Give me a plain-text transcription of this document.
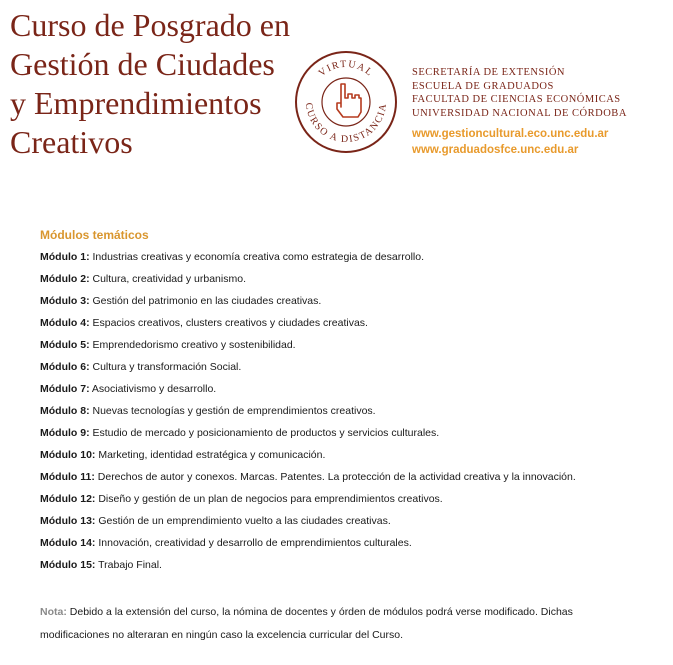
Curso de Posgrado en
Gestión de Ciudades
y Emprendimientos
Creativos
VIRTUAL
CURSO A DISTANCIA
SECRETARÍA DE EXTENSIÓN
ESCUELA DE GRADUADOS
FACULTAD DE CIENCIAS ECONÓMICAS
UNIVERSIDAD NACIONAL DE CÓRDOBA
www.gestioncultural.eco.unc.edu.ar
www.graduadosfce.unc.edu.ar
Módulos temáticos
Módulo 1: Industrias creativas y economía creativa como estrategia de desarrollo.
Módulo 2: Cultura, creatividad y urbanismo.
Módulo 3: Gestión del patrimonio en las ciudades creativas.
Módulo 4: Espacios creativos, clusters creativos y ciudades creativas.
Módulo 5: Emprendedorismo creativo y sostenibilidad.
Módulo 6: Cultura y transformación Social.
Módulo 7: Asociativismo y desarrollo.
Módulo 8: Nuevas tecnologías y gestión de emprendimientos creativos.
Módulo 9: Estudio de mercado y posicionamiento de productos y servicios culturales.
Módulo 10: Marketing, identidad estratégica y comunicación.
Módulo 11: Derechos de autor y conexos. Marcas. Patentes. La protección de la actividad creativa y la innovación.
Módulo 12: Diseño y gestión de un plan de negocios para emprendimientos creativos.
Módulo 13: Gestión de un emprendimiento vuelto a las ciudades creativas.
Módulo 14: Innovación, creatividad y desarrollo de emprendimientos culturales.
Módulo 15: Trabajo Final.
Nota: Debido a la extensión del curso, la nómina de docentes y órden de módulos podrá verse modificado. Dichas modificaciones no alteraran en ningún caso la excelencia curricular del Curso.
